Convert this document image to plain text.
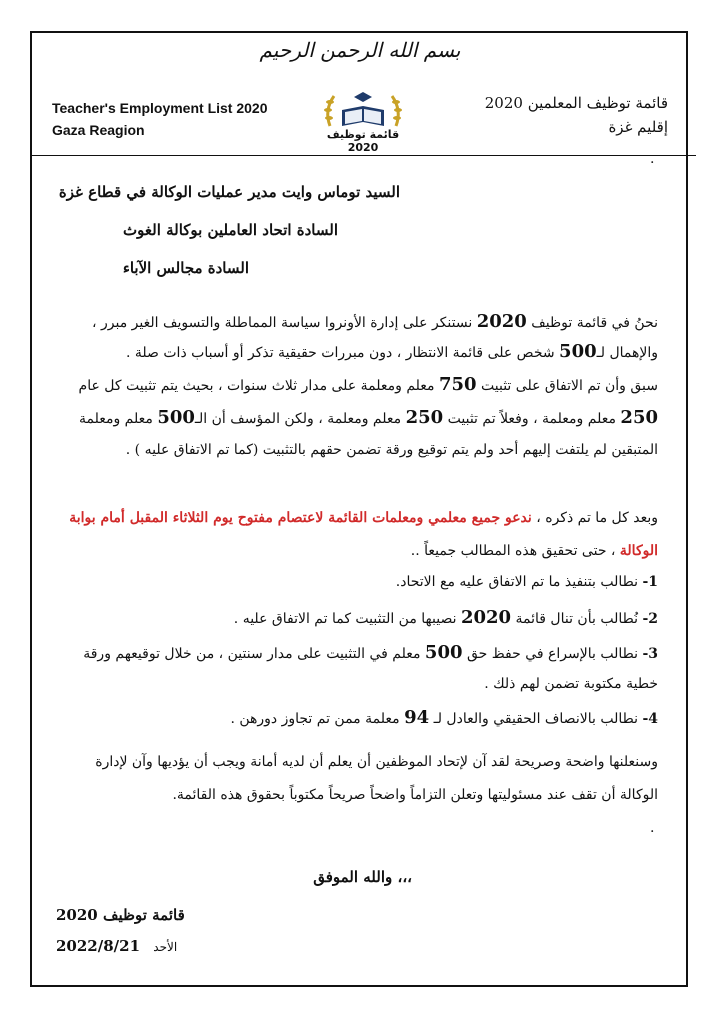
بسم الله الرحمن الرحيم
Teacher's Employment List 2020
Gaza Reagion	قائمة توظيف 2020
قائمة توظيف المعلمين 2020
إقليم غزة
.
السيد توماس وايت مدير عمليات الوكالة في قطاع غزة
السادة اتحاد العاملين بوكالة الغوث
السادة مجالس الآباء
نحنُ في قائمة توظيف 2020 نستنكر على إدارة الأونروا سياسة المماطلة والتسويف الغير مبرر ،
والإهمال لـ500 شخص على قائمة الانتظار ، دون مبررات حقيقية تذكر أو أسباب ذات صلة .
سبق وأن تم الاتفاق على تثبيت 750 معلم ومعلمة على مدار ثلاث سنوات ، بحيث يتم تثبيت كل عام
250 معلم ومعلمة ، وفعلاً تم تثبيت 250 معلم ومعلمة ، ولكن المؤسف أن الـ500 معلم ومعلمة
المتبقين لم يلتفت إليهم أحد ولم يتم توقيع ورقة تضمن حقهم بالتثبيت (كما تم الاتفاق عليه ) .
وبعد كل ما تم ذكره ، ندعو جميع معلمي ومعلمات القائمة لاعتصام مفتوح يوم الثلاثاء المقبل أمام بوابة
الوكالة ، حتى تحقيق هذه المطالب جميعاً ..
1- نطالب بتنفيذ ما تم الاتفاق عليه مع الاتحاد.
2- نُطالب بأن تنال قائمة 2020 نصيبها من التثبيت كما تم الاتفاق عليه .
3- نطالب بالإسراع في حفظ حق 500 معلم في التثبيت على مدار سنتين ، من خلال توقيعهم ورقة
خطية مكتوبة تضمن لهم ذلك .
4- نطالب بالانصاف الحقيقي والعادل لـ 94 معلمة ممن تم تجاوز دورهن .
وسنعلنها واضحة وصريحة لقد آن لإتحاد الموظفين أن يعلم أن لديه أمانة ويجب أن يؤديها وآن لإدارة
الوكالة أن تقف عند مسئوليتها وتعلن التزاماً واضحاً صريحاً مكتوباً بحقوق هذه القائمة.
.
،،، والله الموفق
قائمة توظيف 2020
2022/8/21 الأحد
